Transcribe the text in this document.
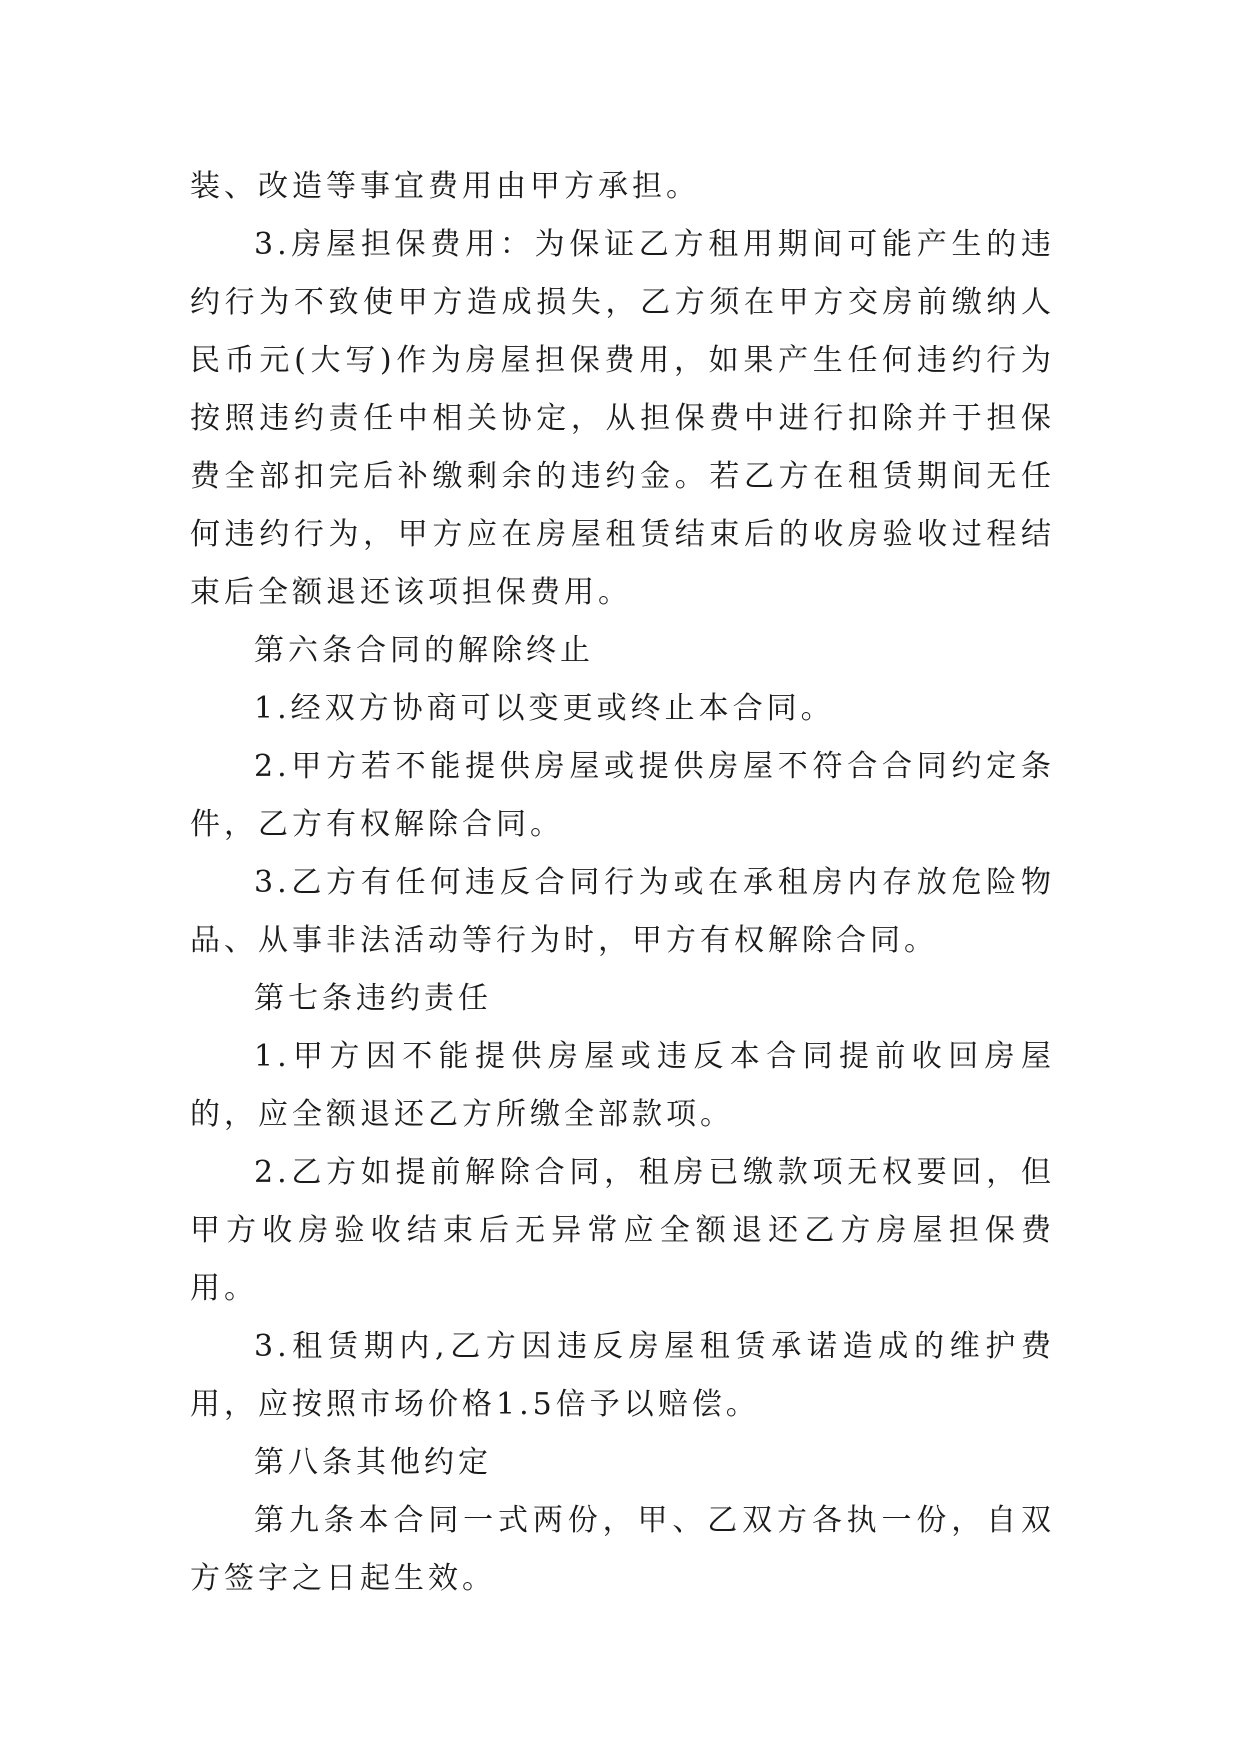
装、改造等事宜费用由甲方承担。

3.房屋担保费用：为保证乙方租用期间可能产生的违约行为不致使甲方造成损失，乙方须在甲方交房前缴纳人民币元(大写)作为房屋担保费用，如果产生任何违约行为按照违约责任中相关协定，从担保费中进行扣除并于担保费全部扣完后补缴剩余的违约金。若乙方在租赁期间无任何违约行为，甲方应在房屋租赁结束后的收房验收过程结束后全额退还该项担保费用。

第六条合同的解除终止

1.经双方协商可以变更或终止本合同。

2.甲方若不能提供房屋或提供房屋不符合合同约定条件，乙方有权解除合同。

3.乙方有任何违反合同行为或在承租房内存放危险物品、从事非法活动等行为时，甲方有权解除合同。

第七条违约责任

1.甲方因不能提供房屋或违反本合同提前收回房屋的，应全额退还乙方所缴全部款项。

2.乙方如提前解除合同，租房已缴款项无权要回，但甲方收房验收结束后无异常应全额退还乙方房屋担保费用。

3.租赁期内,乙方因违反房屋租赁承诺造成的维护费用，应按照市场价格1.5倍予以赔偿。

第八条其他约定

第九条本合同一式两份，甲、乙双方各执一份，自双方签字之日起生效。
